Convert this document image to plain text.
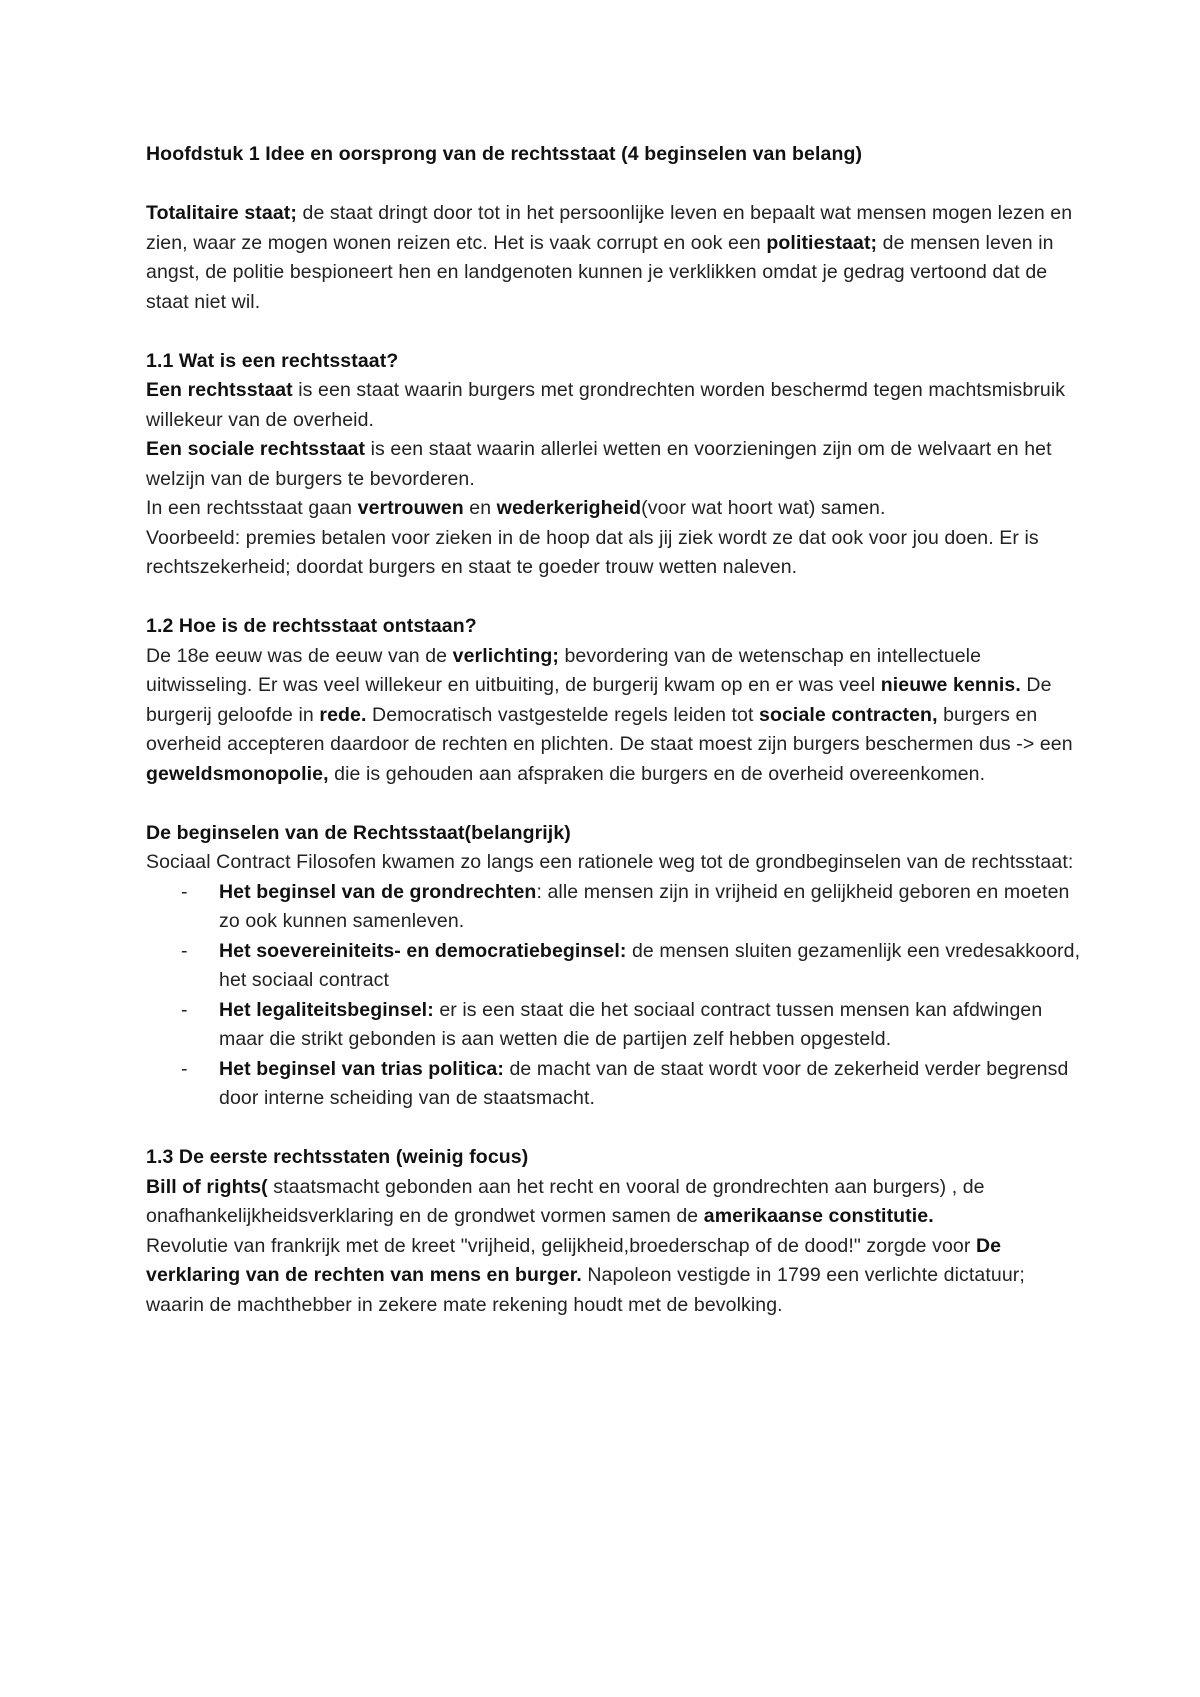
Hoofdstuk 1 Idee en oorsprong van de rechtsstaat (4 beginselen van belang)

Totalitaire staat; de staat dringt door tot in het persoonlijke leven en bepaalt wat mensen mogen lezen en zien, waar ze mogen wonen reizen etc. Het is vaak corrupt en ook een politiestaat; de mensen leven in angst, de politie bespioneert hen en landgenoten kunnen je verklikken omdat je gedrag vertoond dat de staat niet wil.

1.1 Wat is een rechtsstaat?

Een rechtsstaat is een staat waarin burgers met grondrechten worden beschermd tegen machtsmisbruik willekeur van de overheid.

Een sociale rechtsstaat is een staat waarin allerlei wetten en voorzieningen zijn om de welvaart en het welzijn van de burgers te bevorderen.

In een rechtsstaat gaan vertrouwen en wederkerigheid(voor wat hoort wat) samen.

Voorbeeld: premies betalen voor zieken in de hoop dat als jij ziek wordt ze dat ook voor jou doen. Er is rechtszekerheid; doordat burgers en staat te goeder trouw wetten naleven.

1.2 Hoe is de rechtsstaat ontstaan?

De 18e eeuw was de eeuw van de verlichting; bevordering van de wetenschap en intellectuele uitwisseling. Er was veel willekeur en uitbuiting, de burgerij kwam op en er was veel nieuwe kennis. De burgerij geloofde in rede. Democratisch vastgestelde regels leiden tot sociale contracten, burgers en overheid accepteren daardoor de rechten en plichten. De staat moest zijn burgers beschermen dus -> een geweldsmonopolie, die is gehouden aan afspraken die burgers en de overheid overeenkomen.

De beginselen van de Rechtsstaat(belangrijk)

Sociaal Contract Filosofen kwamen zo langs een rationele weg tot de grondbeginselen van de rechtsstaat:

- Het beginsel van de grondrechten: alle mensen zijn in vrijheid en gelijkheid geboren en moeten zo ook kunnen samenleven.
- Het soevereiniteits- en democratiebeginsel: de mensen sluiten gezamenlijk een vredesakkoord, het sociaal contract
- Het legaliteitsbeginsel: er is een staat die het sociaal contract tussen mensen kan afdwingen maar die strikt gebonden is aan wetten die de partijen zelf hebben opgesteld.
- Het beginsel van trias politica: de macht van de staat wordt voor de zekerheid verder begrensd door interne scheiding van de staatsmacht.

1.3 De eerste rechtsstaten (weinig focus)

Bill of rights( staatsmacht gebonden aan het recht en vooral de grondrechten aan burgers) , de onafhankelijkheidsverklaring en de grondwet vormen samen de amerikaanse constitutie.

Revolutie van frankrijk met de kreet "vrijheid, gelijkheid,broederschap of de dood!" zorgde voor De verklaring van de rechten van mens en burger. Napoleon vestigde in 1799 een verlichte dictatuur; waarin de machthebber in zekere mate rekening houdt met de bevolking.
